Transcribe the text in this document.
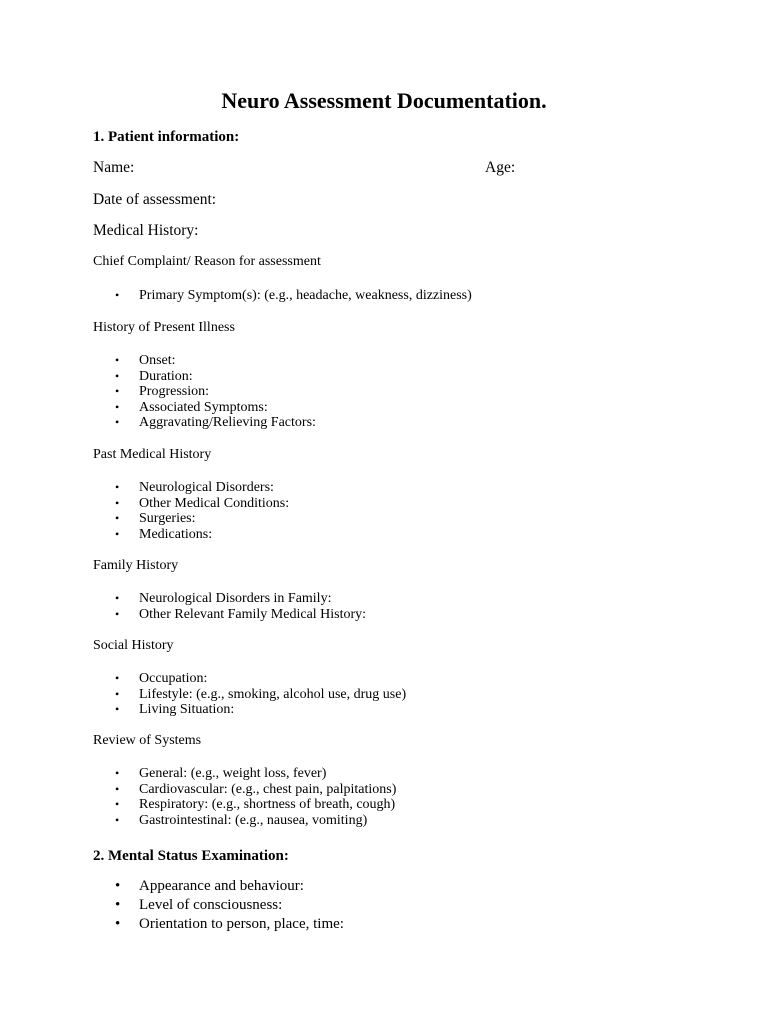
Neuro Assessment Documentation.

1. Patient information:

Name:	Age:

Date of assessment:

Medical History:

Chief Complaint/ Reason for assessment

• Primary Symptom(s): (e.g., headache, weakness, dizziness)

History of Present Illness

• Onset:
• Duration:
• Progression:
• Associated Symptoms:
• Aggravating/Relieving Factors:

Past Medical History

• Neurological Disorders:
• Other Medical Conditions:
• Surgeries:
• Medications:

Family History

• Neurological Disorders in Family:
• Other Relevant Family Medical History:

Social History

• Occupation:
• Lifestyle: (e.g., smoking, alcohol use, drug use)
• Living Situation:

Review of Systems

• General: (e.g., weight loss, fever)
• Cardiovascular: (e.g., chest pain, palpitations)
• Respiratory: (e.g., shortness of breath, cough)
• Gastrointestinal: (e.g., nausea, vomiting)

2. Mental Status Examination:

• Appearance and behaviour:
• Level of consciousness:
• Orientation to person, place, time:
